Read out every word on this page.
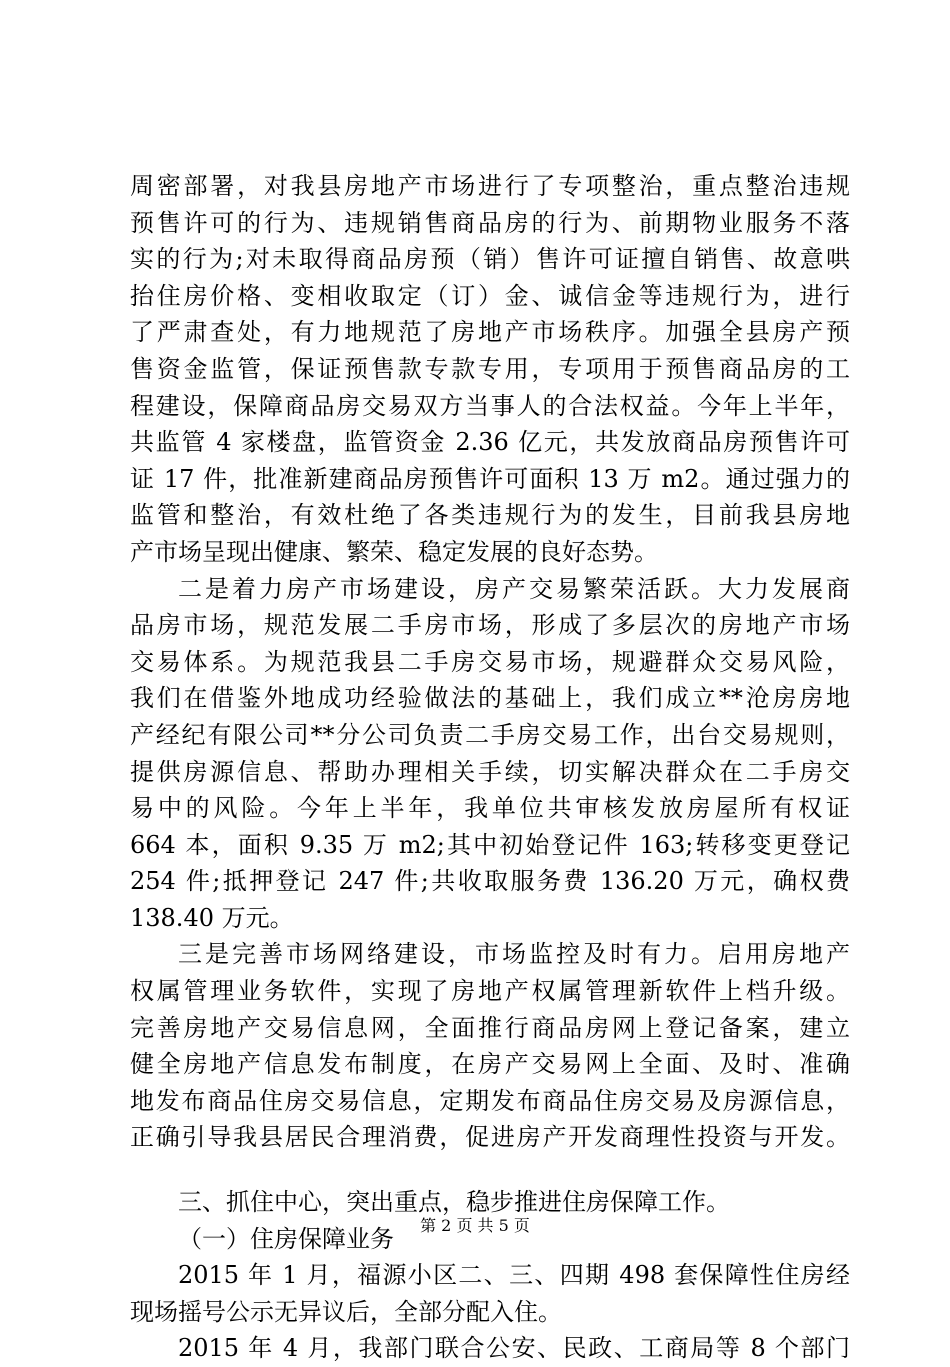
周密部署，对我县房地产市场进行了专项整治，重点整治违规
预售许可的行为、违规销售商品房的行为、前期物业服务不落
实的行为;对未取得商品房预（销）售许可证擅自销售、故意哄
抬住房价格、变相收取定（订）金、诚信金等违规行为，进行
了严肃查处，有力地规范了房地产市场秩序。加强全县房产预
售资金监管，保证预售款专款专用，专项用于预售商品房的工
程建设，保障商品房交易双方当事人的合法权益。今年上半年，
共监管 4 家楼盘，监管资金 2.36 亿元，共发放商品房预售许可
证 17 件，批准新建商品房预售许可面积 13 万 m2。通过强力的
监管和整治，有效杜绝了各类违规行为的发生，目前我县房地
产市场呈现出健康、繁荣、稳定发展的良好态势。
二是着力房产市场建设，房产交易繁荣活跃。大力发展商
品房市场，规范发展二手房市场，形成了多层次的房地产市场
交易体系。为规范我县二手房交易市场，规避群众交易风险，
我们在借鉴外地成功经验做法的基础上，我们成立**沧房房地
产经纪有限公司**分公司负责二手房交易工作，出台交易规则，
提供房源信息、帮助办理相关手续，切实解决群众在二手房交
易中的风险。今年上半年，我单位共审核发放房屋所有权证
664 本，面积 9.35 万 m2;其中初始登记件 163;转移变更登记
254 件;抵押登记 247 件;共收取服务费 136.20 万元，确权费
138.40 万元。
三是完善市场网络建设，市场监控及时有力。启用房地产
权属管理业务软件，实现了房地产权属管理新软件上档升级。
完善房地产交易信息网，全面推行商品房网上登记备案，建立
健全房地产信息发布制度，在房产交易网上全面、及时、准确
地发布商品住房交易信息，定期发布商品住房交易及房源信息，
正确引导我县居民合理消费，促进房产开发商理性投资与开发。
三、抓住中心，突出重点，稳步推进住房保障工作。
（一）住房保障业务
2015 年 1 月，福源小区二、三、四期 498 套保障性住房经
现场摇号公示无异议后，全部分配入住。
2015 年 4 月，我部门联合公安、民政、工商局等 8 个部门
第 2 页 共 5 页
